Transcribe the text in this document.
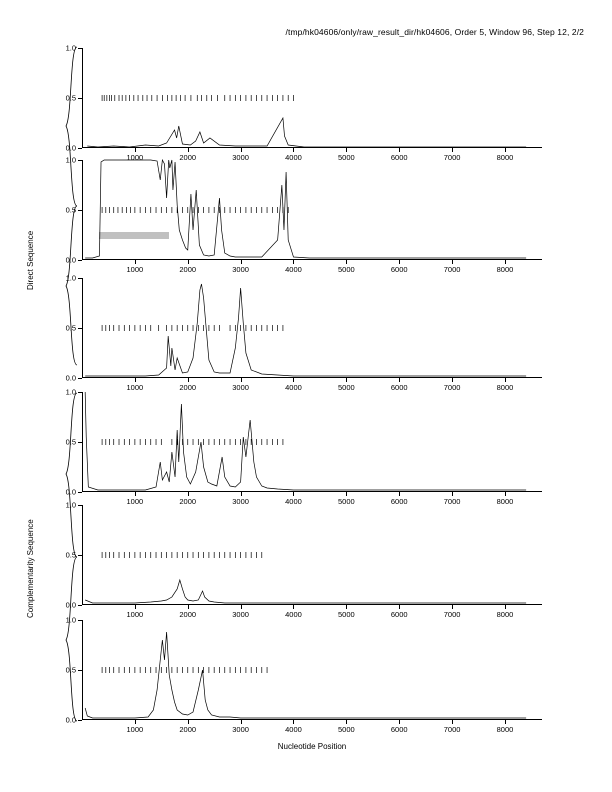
/tmp/hk04606/only/raw_result_dir/hk04606, Order 5, Window 96, Step 12, 2/2
Direct Sequence
Complementarity Sequence
Nucleotide Position
0.0
0.5
1.0
1000	2000	3000	4000	5000	6000	7000	8000
0.0
0.5
1.0
1000	2000	3000	4000	5000	6000	7000	8000
0.0
0.5
1.0
1000	2000	3000	4000	5000	6000	7000	8000
0.0
0.5
1.0
1000	2000	3000	4000	5000	6000	7000	8000
0.0
0.5
1.0
1000	2000	3000	4000	5000	6000	7000	8000
0.0
0.5
1.0
1000	2000	3000	4000	5000	6000	7000	8000
